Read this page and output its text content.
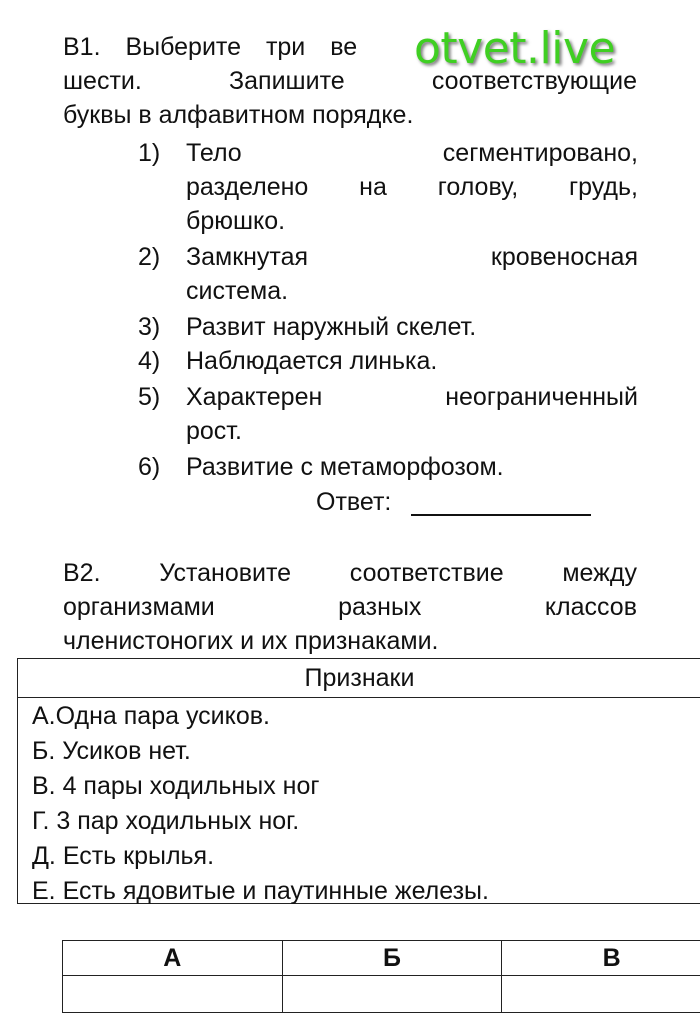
В1. Выберите три ве
шести. Запишите соответствующие
буквы в алфавитном порядке.
otvet.live
1)	Тело сегментировано,
разделено на голову, грудь,
брюшко.
2)	Замкнутая кровеносная
система.
3)	Развит наружный скелет.
4)	Наблюдается линька.
5)	Характерен неограниченный
рост.
6)	Развитие с метаморфозом.
Ответ:
В2. Установите соответствие между
организмами разных классов
членистоногих и их признаками.
Признаки
А.Одна пара усиков.
Б. Усиков нет.
В. 4 пары ходильных ног
Г. 3 пар ходильных ног.
Д. Есть крылья.
Е. Есть ядовитые и паутинные железы.
А	Б	В
